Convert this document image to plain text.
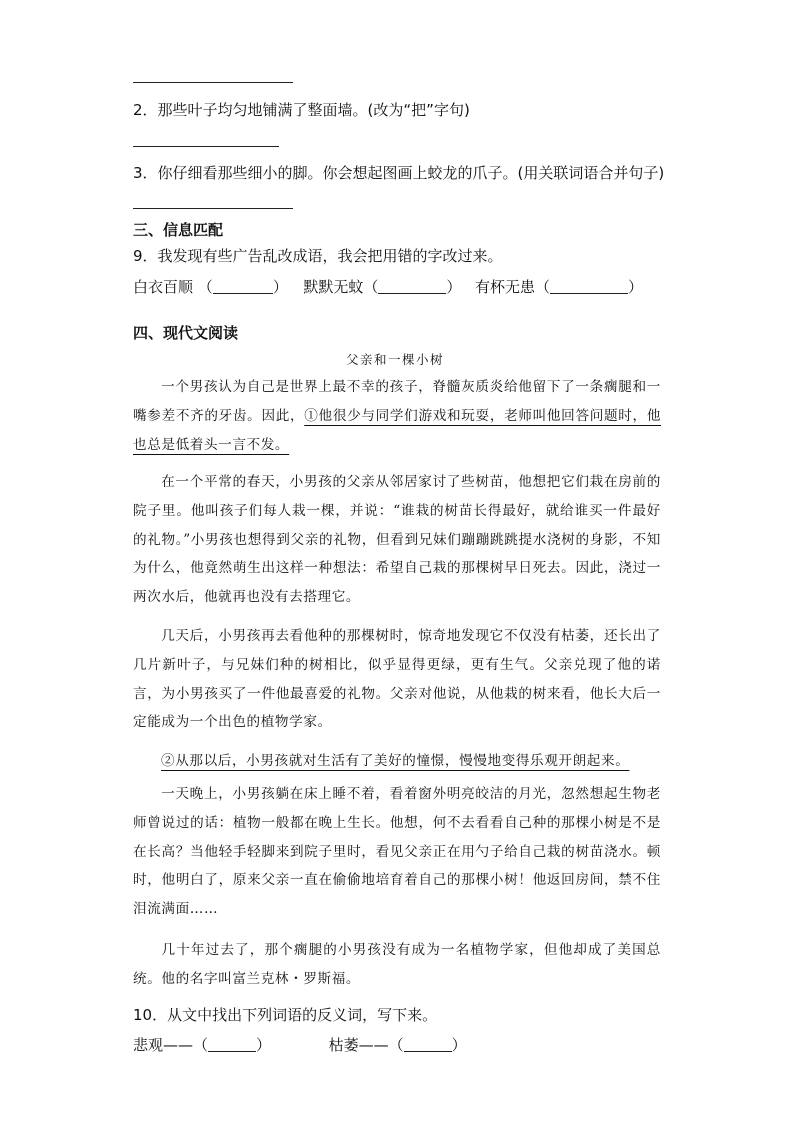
2．那些叶子均匀地铺满了整面墙。(改为“把”字句)
3．你仔细看那些细小的脚。你会想起图画上蛟龙的爪子。(用关联词语合并句子)
三、信息匹配
9．我发现有些广告乱改成语，我会把用错的字改过来。
白衣百顺 （	） 默默无蚊（	） 有杯无患（	）
四、现代文阅读
父亲和一棵小树
一个男孩认为自己是世界上最不幸的孩子，脊髓灰质炎给他留下了一条瘸腿和一嘴参差不齐的牙齿。因此，①他很少与同学们游戏和玩耍，老师叫他回答问题时，他也总是低着头一言不发。
在一个平常的春天，小男孩的父亲从邻居家讨了些树苗，他想把它们栽在房前的院子里。他叫孩子们每人栽一棵，并说：“谁栽的树苗长得最好，就给谁买一件最好的礼物。”小男孩也想得到父亲的礼物，但看到兄妹们蹦蹦跳跳提水浇树的身影，不知为什么，他竟然萌生出这样一种想法：希望自己栽的那棵树早日死去。因此，浇过一两次水后，他就再也没有去搭理它。
几天后，小男孩再去看他种的那棵树时，惊奇地发现它不仅没有枯萎，还长出了几片新叶子，与兄妹们种的树相比，似乎显得更绿，更有生气。父亲兑现了他的诺言，为小男孩买了一件他最喜爱的礼物。父亲对他说，从他栽的树来看，他长大后一定能成为一个出色的植物学家。
②从那以后，小男孩就对生活有了美好的憧憬，慢慢地变得乐观开朗起来。
一天晚上，小男孩躺在床上睡不着，看着窗外明亮皎洁的月光，忽然想起生物老师曾说过的话：植物一般都在晚上生长。他想，何不去看看自己种的那棵小树是不是在长高？当他轻手轻脚来到院子里时，看见父亲正在用勺子给自己栽的树苗浇水。顿时，他明白了，原来父亲一直在偷偷地培育着自己的那棵小树！他返回房间，禁不住泪流满面……
几十年过去了，那个瘸腿的小男孩没有成为一名植物学家，但他却成了美国总统。他的名字叫富兰克林・罗斯福。
10．从文中找出下列词语的反义词，写下来。
悲观——（	）	枯萎——（	）
